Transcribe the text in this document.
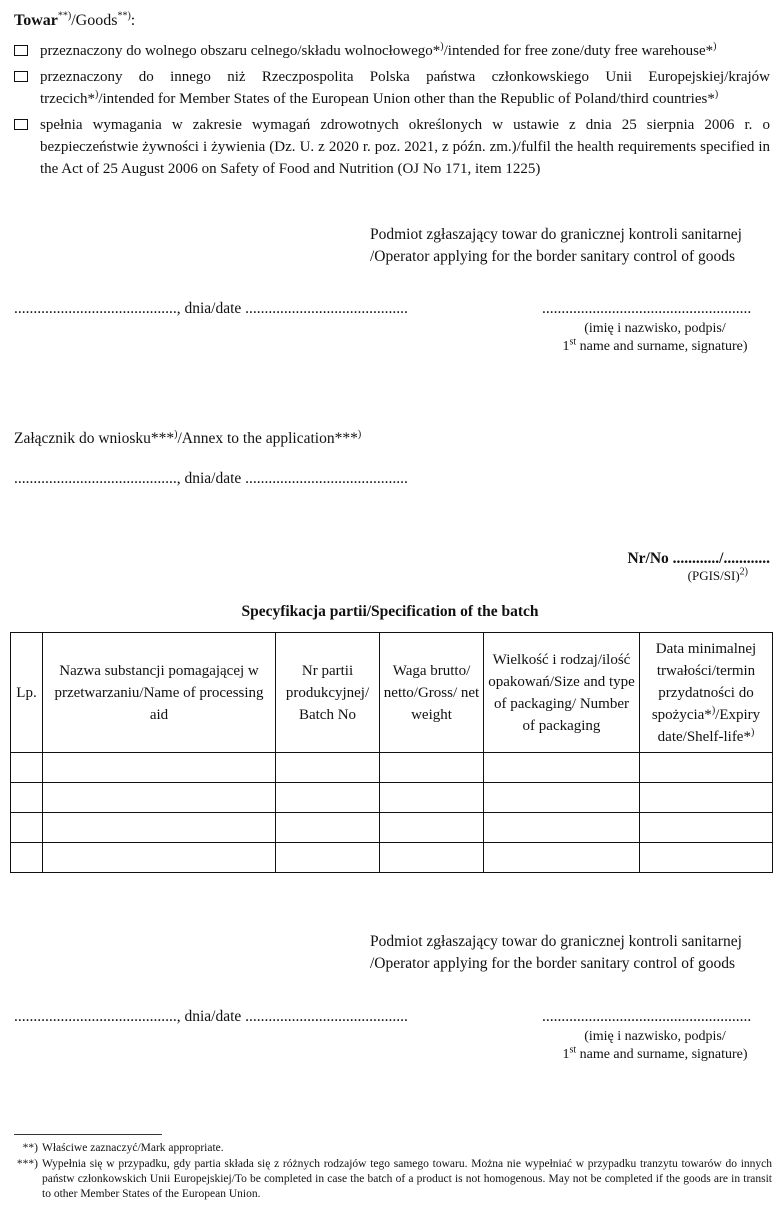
Towar**)/Goods**):
przeznaczony do wolnego obszaru celnego/składu wolnocłowego*)/intended for free zone/duty free warehouse*)
przeznaczony do innego niż Rzeczpospolita Polska państwa członkowskiego Unii Europejskiej/krajów trzecich*)/intended for Member States of the European Union other than the Republic of Poland/third countries*)
spełnia wymagania w zakresie wymagań zdrowotnych określonych w ustawie z dnia 25 sierpnia 2006 r. o bezpieczeństwie żywności i żywienia (Dz. U. z 2020 r. poz. 2021, z późn. zm.)/fulfil the health requirements specified in the Act of 25 August 2006 on Safety of Food and Nutrition (OJ No 171, item 1225)
Podmiot zgłaszający towar do granicznej kontroli sanitarnej
/Operator applying for the border sanitary control of goods
.........................................., dnia/date ..........................................	......................................................
(imię i nazwisko, podpis/
1st name and surname, signature)
Załącznik do wniosku***)/Annex to the application***)
.........................................., dnia/date ..........................................
Nr/No ............/............
(PGIS/SI)$^{2)}$
Specyfikacja partii/Specification of the batch
Lp.	Nazwa substancji pomagającej w przetwarzaniu/Name of processing aid	Nr partii produkcyjnej/ Batch No	Waga brutto/ netto/Gross/ net weight	Wielkość i rodzaj/ilość opakowań/Size and type of packaging/ Number of packaging	Data minimalnej trwałości/termin przydatności do spożycia*)/Expiry date/Shelf-life*)

Podmiot zgłaszający towar do granicznej kontroli sanitarnej
/Operator applying for the border sanitary control of goods
.........................................., dnia/date ..........................................	......................................................
(imię i nazwisko, podpis/
1st name and surname, signature)
**) Właściwe zaznaczyć/Mark appropriate.
***) Wypełnia się w przypadku, gdy partia składa się z różnych rodzajów tego samego towaru. Można nie wypełniać w przypadku tranzytu towarów do innych państw członkowskich Unii Europejskiej/To be completed in case the batch of a product is not homogenous. May not be completed if the goods are in transit to other Member States of the European Union.
